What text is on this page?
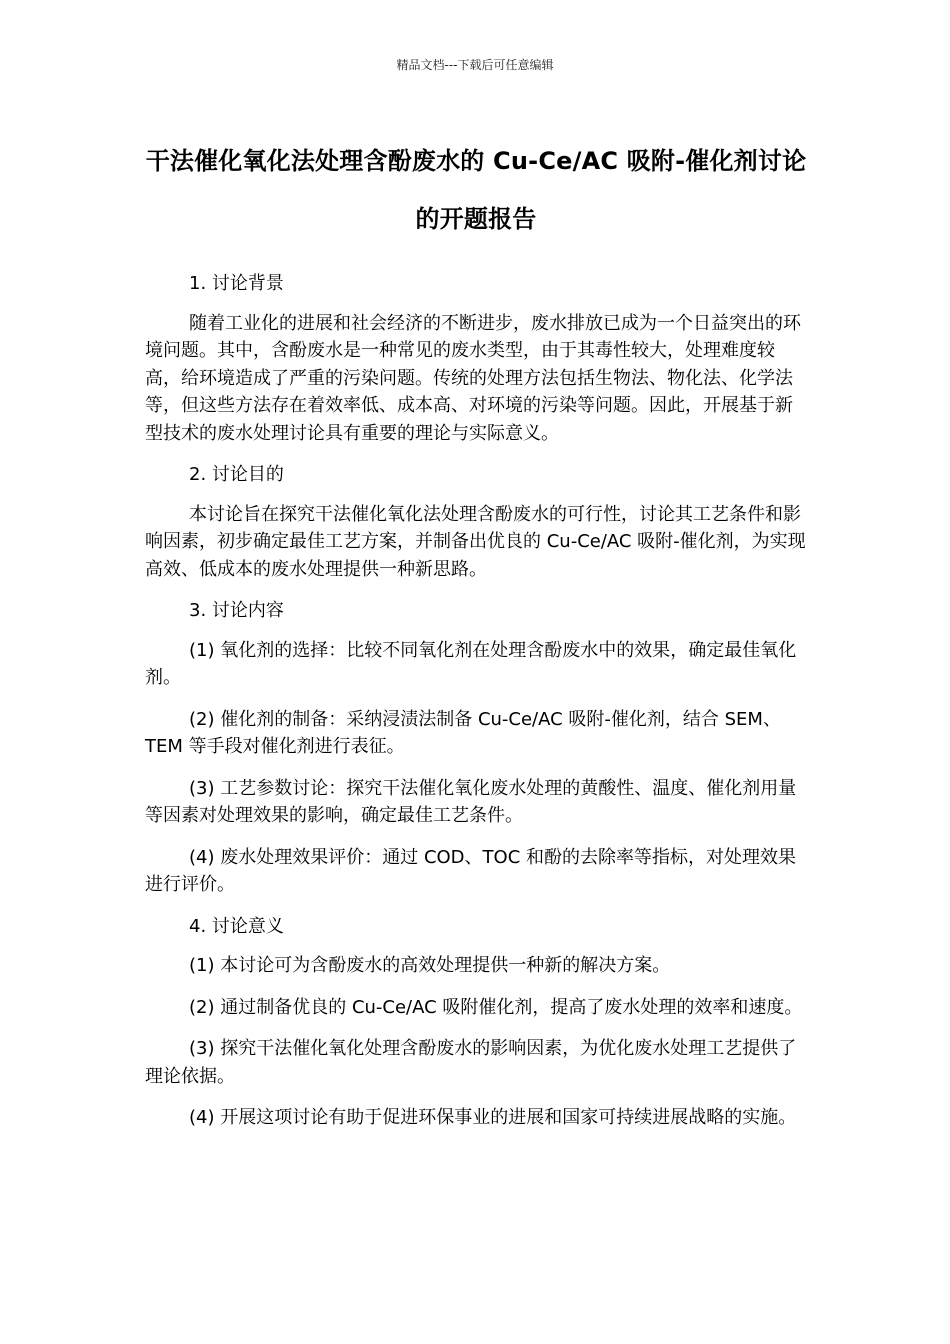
精品文档---下载后可任意编辑
干法催化氧化法处理含酚废水的 Cu-Ce/AC 吸附-催化剂讨论的开题报告

1. 讨论背景

随着工业化的进展和社会经济的不断进步，废水排放已成为一个日益突出的环境问题。其中，含酚废水是一种常见的废水类型，由于其毒性较大，处理难度较高，给环境造成了严重的污染问题。传统的处理方法包括生物法、物化法、化学法等，但这些方法存在着效率低、成本高、对环境的污染等问题。因此，开展基于新型技术的废水处理讨论具有重要的理论与实际意义。

2. 讨论目的

本讨论旨在探究干法催化氧化法处理含酚废水的可行性，讨论其工艺条件和影响因素，初步确定最佳工艺方案，并制备出优良的 Cu-Ce/AC 吸附-催化剂，为实现高效、低成本的废水处理提供一种新思路。

3. 讨论内容

(1) 氧化剂的选择：比较不同氧化剂在处理含酚废水中的效果，确定最佳氧化剂。

(2) 催化剂的制备：采纳浸渍法制备 Cu-Ce/AC 吸附-催化剂，结合 SEM、TEM 等手段对催化剂进行表征。

(3) 工艺参数讨论：探究干法催化氧化废水处理的黄酸性、温度、催化剂用量等因素对处理效果的影响，确定最佳工艺条件。

(4) 废水处理效果评价：通过 COD、TOC 和酚的去除率等指标，对处理效果进行评价。

4. 讨论意义

(1) 本讨论可为含酚废水的高效处理提供一种新的解决方案。

(2) 通过制备优良的 Cu-Ce/AC 吸附催化剂，提高了废水处理的效率和速度。

(3) 探究干法催化氧化处理含酚废水的影响因素，为优化废水处理工艺提供了理论依据。

(4) 开展这项讨论有助于促进环保事业的进展和国家可持续进展战略的实施。
